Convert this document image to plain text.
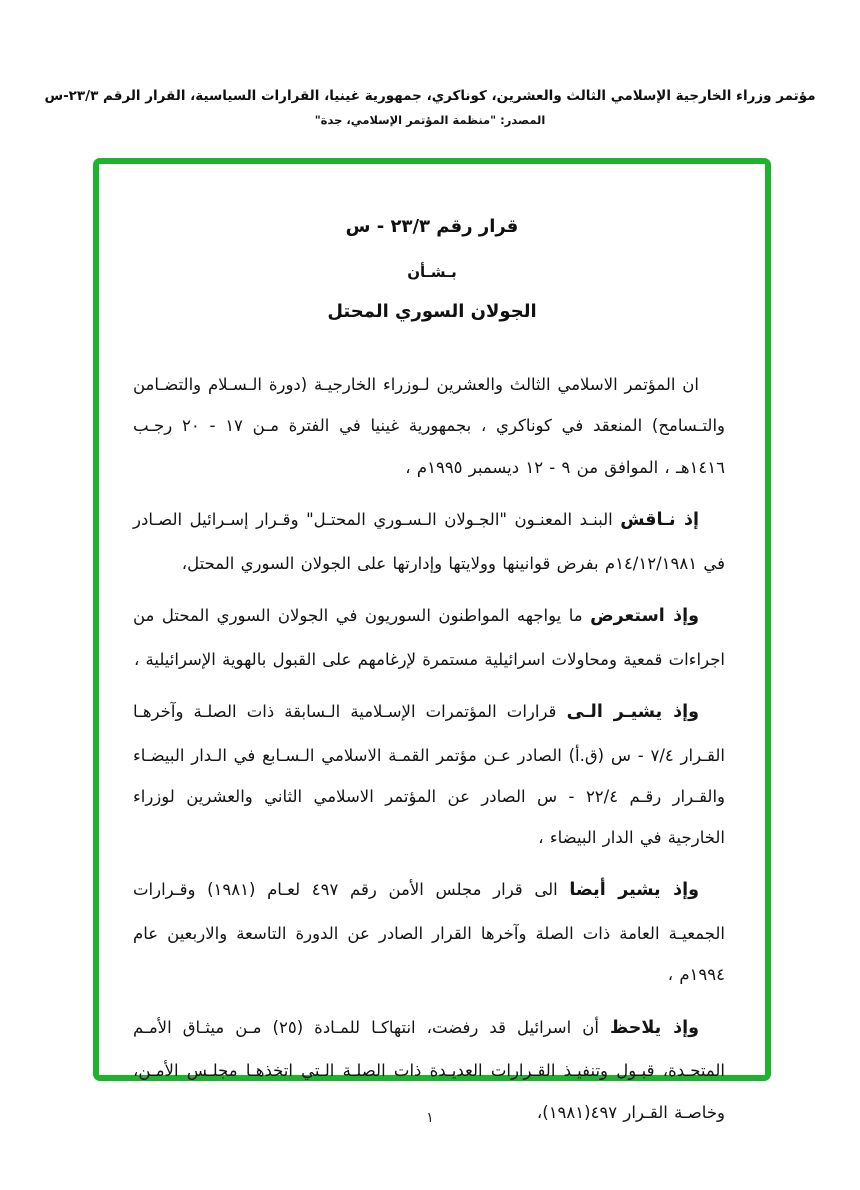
مؤتمر وزراء الخارجية الإسلامي الثالث والعشرين، كوناكري، جمهورية غينيا، القرارات السياسية، القرار الرقم ٢٣/٣-س
المصدر: "منظمة المؤتمر الإسلامي، جدة"
قرار رقم ٢٣/٣ - س
بـشـأن
الجولان السوري المحتل

ان المؤتمر الاسلامي الثالث والعشرين لـوزراء الخارجيـة (دورة الـسـلام والتضـامن والتـسامح) المنعقد في كوناكري ، بجمهورية غينيا في الفترة مـن ١٧ - ٢٠ رجـب ١٤١٦هـ ، الموافق من ٩ - ١٢ ديسمبر ١٩٩٥م ،

إذ نـاقش البنـد المعنـون "الجـولان الـسـوري المحتـل" وقـرار إسـرائيل الصـادر في ١٤/١٢/١٩٨١م بفرض قوانينها وولايتها وإدارتها على الجولان السوري المحتل،

وإذ استعرض ما يواجهه المواطنون السوريون في الجولان السوري المحتل من اجراءات قمعية ومحاولات اسرائيلية مستمرة لإرغامهم على القبول بالهوية الإسرائيلية ،

وإذ يشيـر الـى قرارات المؤتمرات الإسـلامية الـسابقة ذات الصلـة وآخرهـا القـرار ٧/٤ - س (ق.أ) الصادر عـن مؤتمر القمـة الاسلامي الـسـابع في الـدار البيضـاء والقـرار رقـم ٢٢/٤ - س الصادر عن المؤتمر الاسلامي الثاني والعشرين لوزراء الخارجية في الدار البيضاء ،

وإذ يشير أيضا الى قرار مجلس الأمن رقم ٤٩٧ لعـام (١٩٨١) وقـرارات الجمعيـة العامة ذات الصلة وآخرها القرار الصادر عن الدورة التاسعة والاربعين عام ١٩٩٤م ،

وإذ يلاحظ أن اسرائيل قد رفضت، انتهاكـا للمـادة (٢٥) مـن ميثـاق الأمـم المتحـدة، قبـول وتنفيـذ القـرارات العديـدة ذات الصلـة الـتي اتخذهـا مجلـس الأمـن، وخاصـة القـرار ٤٩٧(١٩٨١)،

١
